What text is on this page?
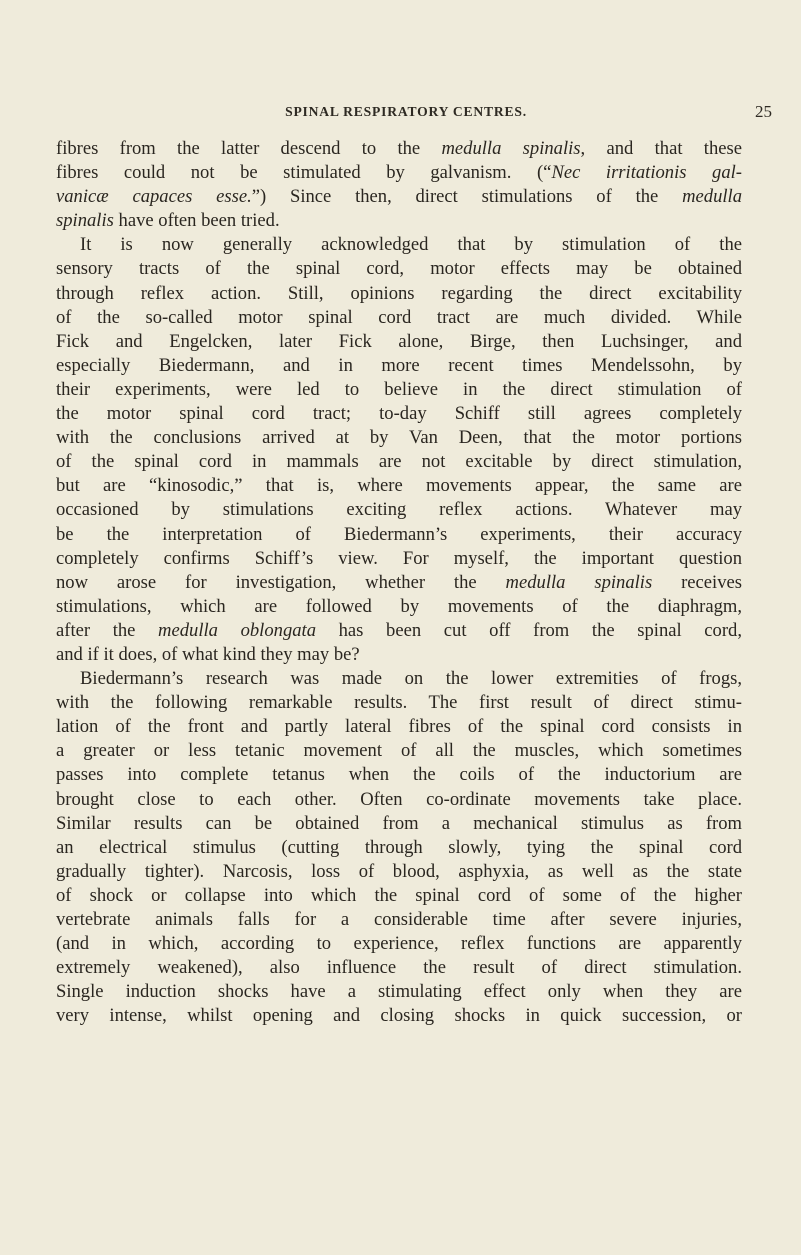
SPINAL RESPIRATORY CENTRES.	25
fibres from the latter descend to the medulla spinalis, and that these
fibres could not be stimulated by galvanism. (“Nec irritationis gal-
vanicæ capaces esse.”) Since then, direct stimulations of the medulla
spinalis have often been tried.
It is now generally acknowledged that by stimulation of the
sensory tracts of the spinal cord, motor effects may be obtained
through reflex action. Still, opinions regarding the direct excitability
of the so-called motor spinal cord tract are much divided. While
Fick and Engelcken, later Fick alone, Birge, then Luchsinger, and
especially Biedermann, and in more recent times Mendelssohn, by
their experiments, were led to believe in the direct stimulation of
the motor spinal cord tract; to-day Schiff still agrees completely
with the conclusions arrived at by Van Deen, that the motor portions
of the spinal cord in mammals are not excitable by direct stimulation,
but are “kinosodic,” that is, where movements appear, the same are
occasioned by stimulations exciting reflex actions. Whatever may
be the interpretation of Biedermann’s experiments, their accuracy
completely confirms Schiff’s view. For myself, the important question
now arose for investigation, whether the medulla spinalis receives
stimulations, which are followed by movements of the diaphragm,
after the medulla oblongata has been cut off from the spinal cord,
and if it does, of what kind they may be?
Biedermann’s research was made on the lower extremities of frogs,
with the following remarkable results. The first result of direct stimu-
lation of the front and partly lateral fibres of the spinal cord consists in
a greater or less tetanic movement of all the muscles, which sometimes
passes into complete tetanus when the coils of the inductorium are
brought close to each other. Often co-ordinate movements take place.
Similar results can be obtained from a mechanical stimulus as from
an electrical stimulus (cutting through slowly, tying the spinal cord
gradually tighter). Narcosis, loss of blood, asphyxia, as well as the state
of shock or collapse into which the spinal cord of some of the higher
vertebrate animals falls for a considerable time after severe injuries,
(and in which, according to experience, reflex functions are apparently
extremely weakened), also influence the result of direct stimulation.
Single induction shocks have a stimulating effect only when they are
very intense, whilst opening and closing shocks in quick succession, or
